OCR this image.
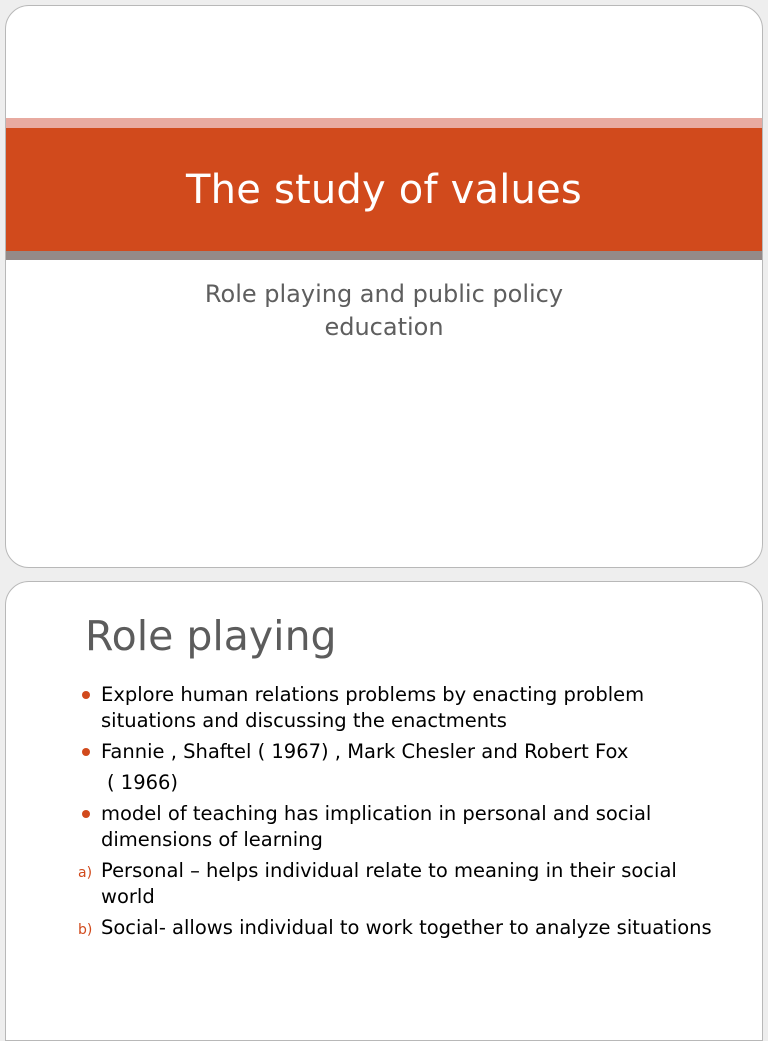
The study of values
Role playing and public policy
education
Role playing
Explore human relations problems by enacting problem situations and discussing the enactments
Fannie , Shaftel ( 1967) , Mark Chesler and Robert Fox
( 1966)
model of teaching has implication in personal and social dimensions of learning
a) Personal – helps individual relate to meaning in their social world
b) Social- allows individual to work together to analyze situations
